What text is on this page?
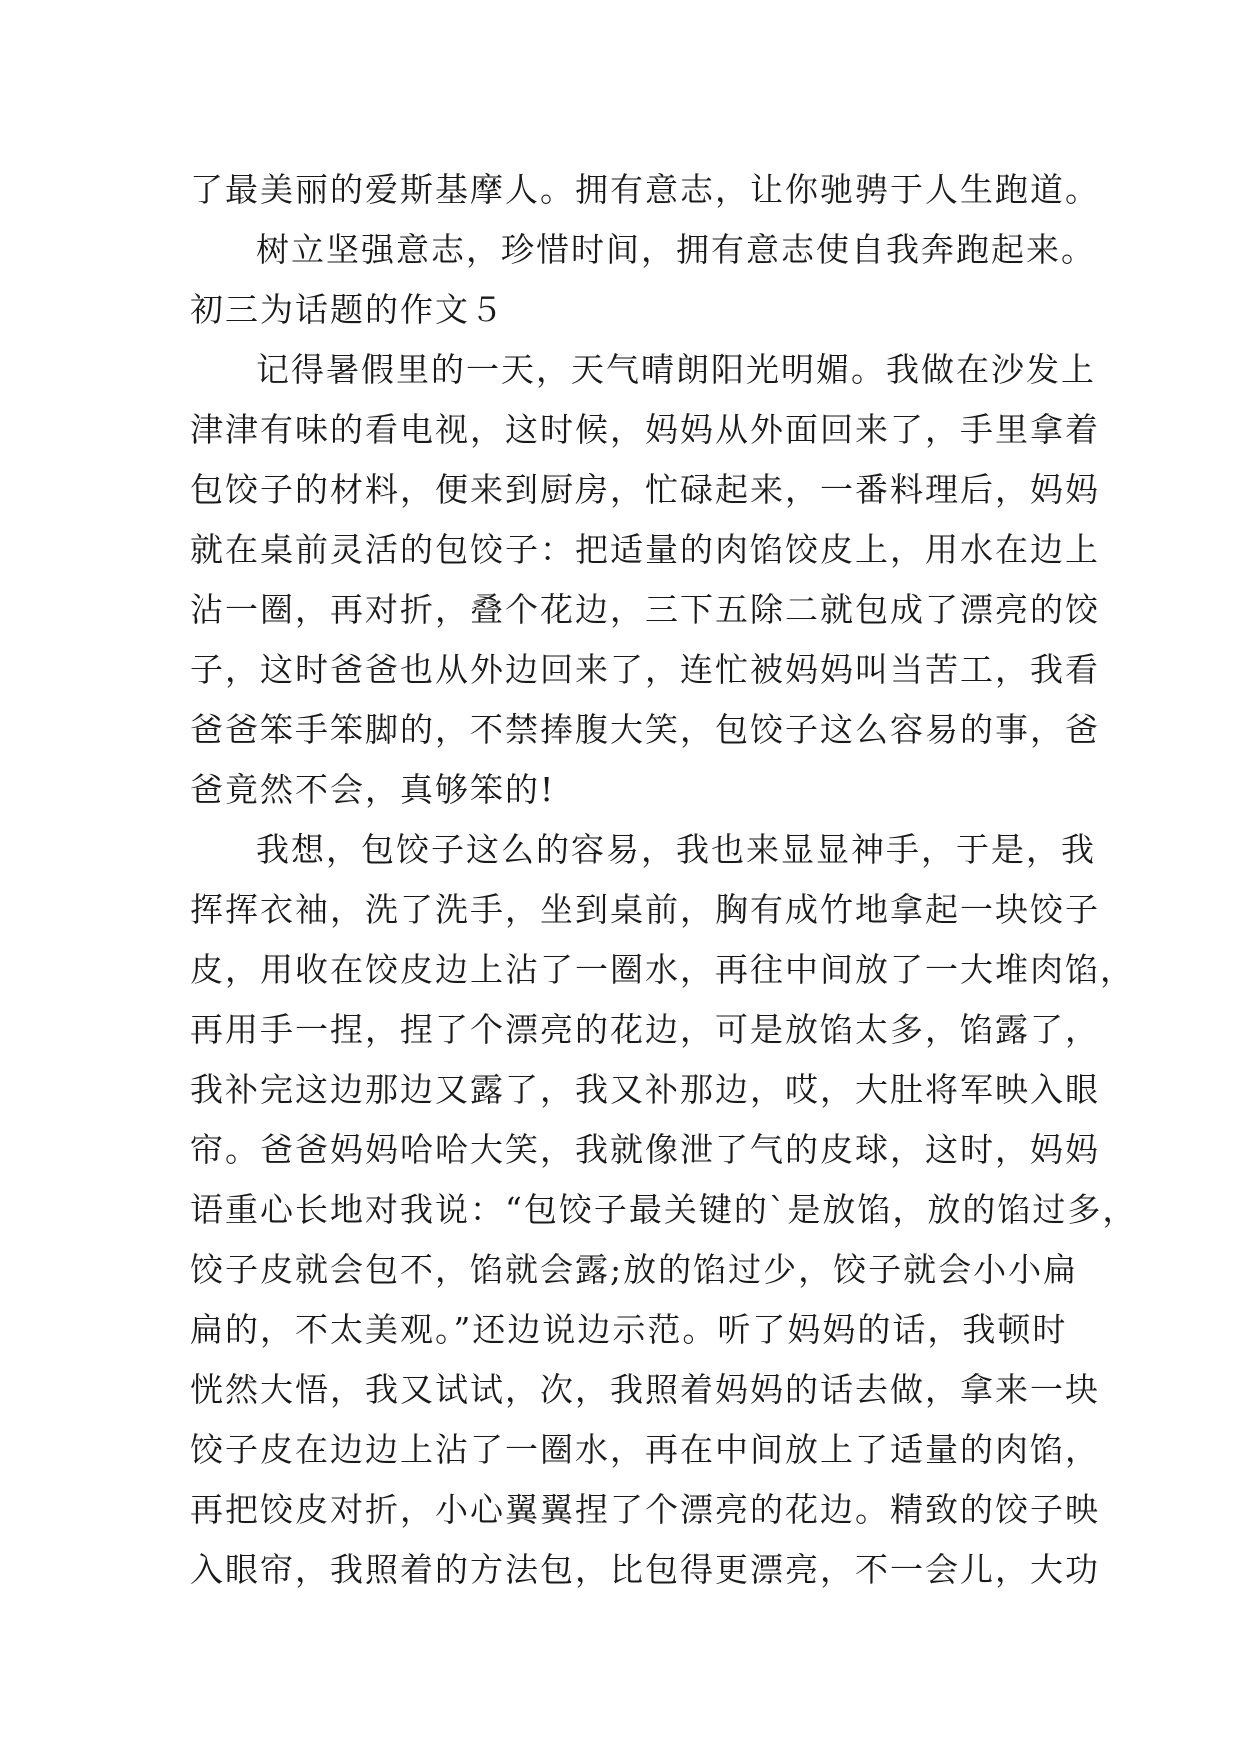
了最美丽的爱斯基摩人。拥有意志，让你驰骋于人生跑道。
树立坚强意志，珍惜时间，拥有意志使自我奔跑起来。
初三为话题的作文５
记得暑假里的一天，天气晴朗阳光明媚。我做在沙发上
津津有味的看电视，这时候，妈妈从外面回来了，手里拿着
包饺子的材料，便来到厨房，忙碌起来，一番料理后，妈妈
就在桌前灵活的包饺子：把适量的肉馅饺皮上，用水在边上
沾一圈，再对折，叠个花边，三下五除二就包成了漂亮的饺
子，这时爸爸也从外边回来了，连忙被妈妈叫当苦工，我看
爸爸笨手笨脚的，不禁捧腹大笑，包饺子这么容易的事，爸
爸竟然不会，真够笨的!
我想，包饺子这么的容易，我也来显显神手，于是，我
挥挥衣袖，洗了洗手，坐到桌前，胸有成竹地拿起一块饺子
皮，用收在饺皮边上沾了一圈水，再往中间放了一大堆肉馅，
再用手一捏，捏了个漂亮的花边，可是放馅太多，馅露了，
我补完这边那边又露了，我又补那边，哎，大肚将军映入眼
帘。爸爸妈妈哈哈大笑，我就像泄了气的皮球，这时，妈妈
语重心长地对我说：“包饺子最关键的`是放馅，放的馅过多，
饺子皮就会包不，馅就会露;放的馅过少，饺子就会小小扁
扁的，不太美观。”还边说边示范。听了妈妈的话，我顿时
恍然大悟，我又试试，次，我照着妈妈的话去做，拿来一块
饺子皮在边边上沾了一圈水，再在中间放上了适量的肉馅，
再把饺皮对折，小心翼翼捏了个漂亮的花边。精致的饺子映
入眼帘，我照着的方法包，比包得更漂亮，不一会儿，大功
